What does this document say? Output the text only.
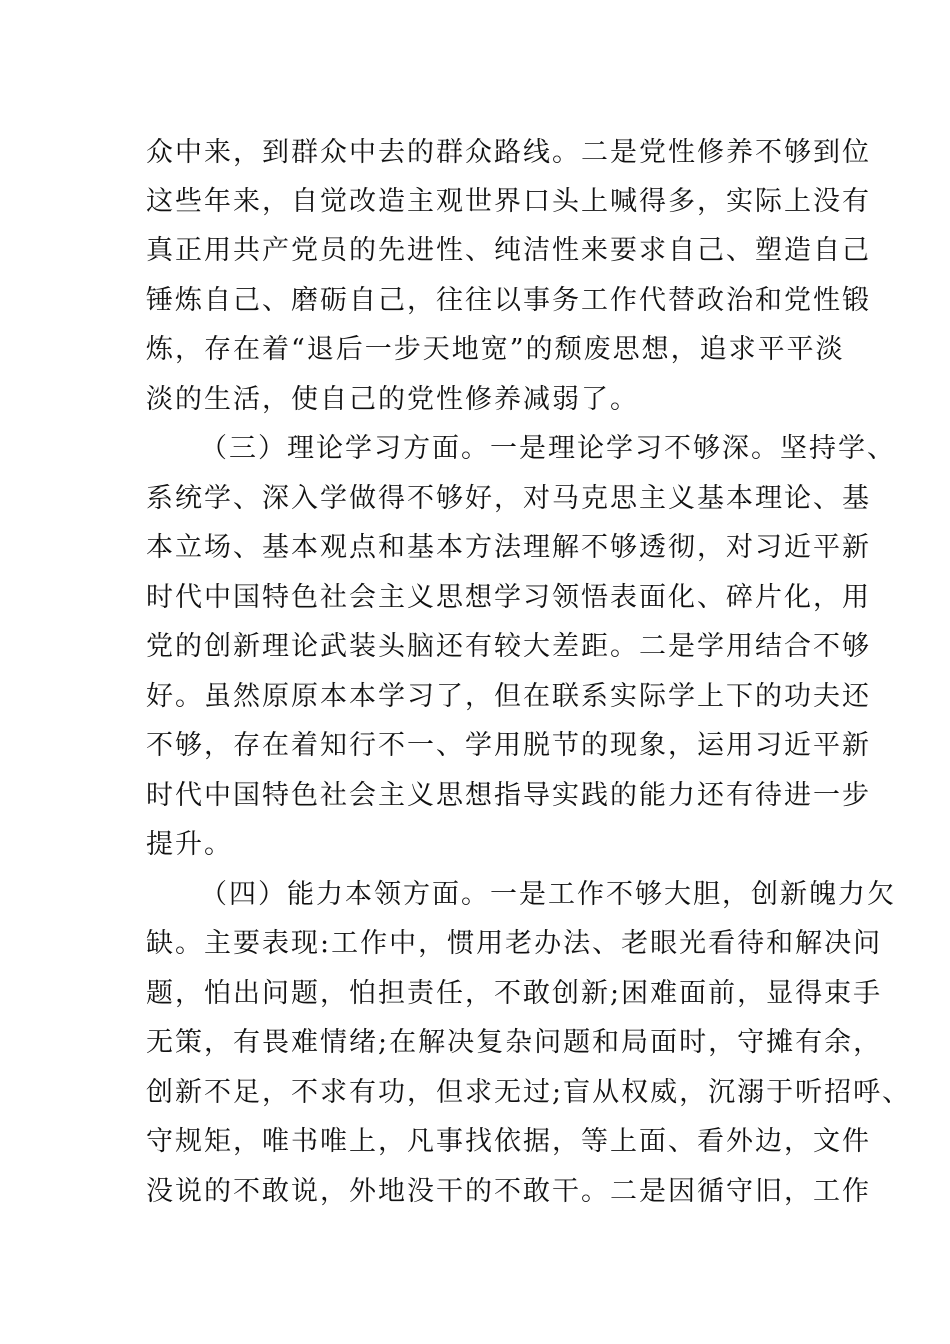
众中来，到群众中去的群众路线。二是党性修养不够到位
这些年来，自觉改造主观世界口头上喊得多，实际上没有
真正用共产党员的先进性、纯洁性来要求自己、塑造自己
锤炼自己、磨砺自己，往往以事务工作代替政治和党性锻
炼，存在着“退后一步天地宽”的颓废思想，追求平平淡
淡的生活，使自己的党性修养减弱了。
（三）理论学习方面。一是理论学习不够深。坚持学、
系统学、深入学做得不够好，对马克思主义基本理论、基
本立场、基本观点和基本方法理解不够透彻，对习近平新
时代中国特色社会主义思想学习领悟表面化、碎片化，用
党的创新理论武装头脑还有较大差距。二是学用结合不够
好。虽然原原本本学习了，但在联系实际学上下的功夫还
不够，存在着知行不一、学用脱节的现象，运用习近平新
时代中国特色社会主义思想指导实践的能力还有待进一步
提升。
（四）能力本领方面。一是工作不够大胆，创新魄力欠
缺。主要表现:工作中，惯用老办法、老眼光看待和解决问
题，怕出问题，怕担责任，不敢创新;困难面前，显得束手
无策，有畏难情绪;在解决复杂问题和局面时，守摊有余，
创新不足，不求有功，但求无过;盲从权威，沉溺于听招呼、
守规矩，唯书唯上，凡事找依据，等上面、看外边，文件
没说的不敢说，外地没干的不敢干。二是因循守旧，工作
